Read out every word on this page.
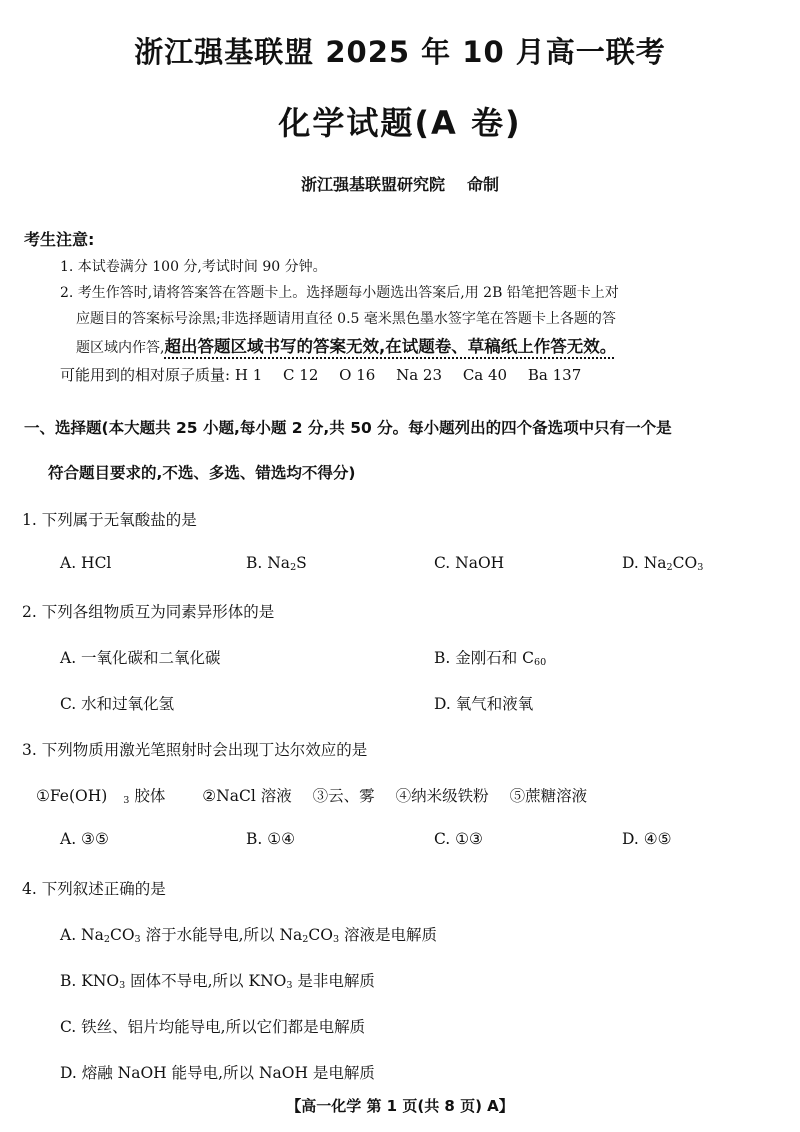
浙江强基联盟 2025 年 10 月高一联考
化学试题(A 卷)
浙江强基联盟研究院 命制
考生注意:
1. 本试卷满分 100 分,考试时间 90 分钟。
2. 考生作答时,请将答案答在答题卡上。选择题每小题选出答案后,用 2B 铅笔把答题卡上对
应题目的答案标号涂黑;非选择题请用直径 0.5 毫米黑色墨水签字笔在答题卡上各题的答
题区域内作答,超出答题区域书写的答案无效,在试题卷、草稿纸上作答无效。
可能用到的相对原子质量: H 1 C 12 O 16 Na 23 Ca 40 Ba 137
一、选择题(本大题共 25 小题,每小题 2 分,共 50 分。每小题列出的四个备选项中只有一个是
符合题目要求的,不选、多选、错选均不得分)
1. 下列属于无氧酸盐的是
A. HCl	B. $Na_2S$	C. NaOH	D. $Na_2CO_3$
2. 下列各组物质互为同素异形体的是
A. 一氧化碳和二氧化碳	B. 金刚石和 $C_{60}$
C. 水和过氧化氢	D. 氧气和液氧
3. 下列物质用激光笔照射时会出现丁达尔效应的是
①Fe(OH) $_3$ 胶体 ②NaCl 溶液 ③云、雾 ④纳米级铁粉 ⑤蔗糖溶液
A. ③⑤	B. ①④	C. ①③	D. ④⑤
4. 下列叙述正确的是
A. $Na_2CO_3$ 溶于水能导电,所以 $Na_2CO_3$ 溶液是电解质
B. $KNO_3$ 固体不导电,所以 $KNO_3$ 是非电解质
C. 铁丝、铝片均能导电,所以它们都是电解质
D. 熔融 NaOH 能导电,所以 NaOH 是电解质
【高一化学 第 1 页(共 8 页) A】
